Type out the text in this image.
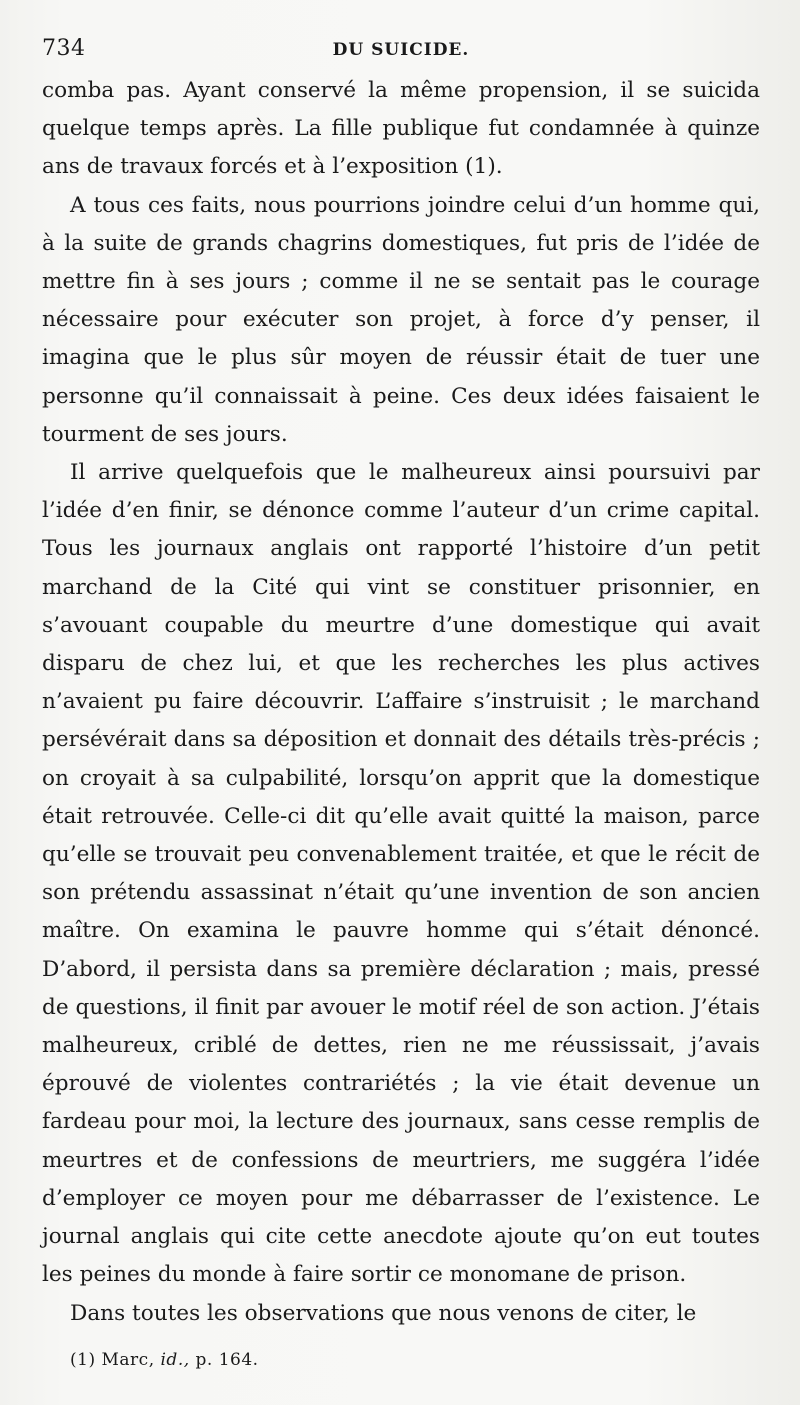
734	DU SUICIDE.

comba pas. Ayant conservé la même propension, il se suicida quelque temps après. La fille publique fut condamnée à quinze ans de travaux forcés et à l’exposition (1).

A tous ces faits, nous pourrions joindre celui d’un homme qui, à la suite de grands chagrins domestiques, fut pris de l’idée de mettre fin à ses jours ; comme il ne se sentait pas le courage nécessaire pour exécuter son projet, à force d’y penser, il imagina que le plus sûr moyen de réussir était de tuer une personne qu’il connaissait à peine. Ces deux idées faisaient le tourment de ses jours.

Il arrive quelquefois que le malheureux ainsi poursuivi par l’idée d’en finir, se dénonce comme l’auteur d’un crime capital. Tous les journaux anglais ont rapporté l’histoire d’un petit marchand de la Cité qui vint se constituer prisonnier, en s’avouant coupable du meurtre d’une domestique qui avait disparu de chez lui, et que les recherches les plus actives n’avaient pu faire découvrir. L’affaire s’instruisit ; le marchand persévérait dans sa déposition et donnait des détails très-précis ; on croyait à sa culpabilité, lorsqu’on apprit que la domestique était retrouvée. Celle-ci dit qu’elle avait quitté la maison, parce qu’elle se trouvait peu convenablement traitée, et que le récit de son prétendu assassinat n’était qu’une invention de son ancien maître. On examina le pauvre homme qui s’était dénoncé. D’abord, il persista dans sa première déclaration ; mais, pressé de questions, il finit par avouer le motif réel de son action. J’étais malheureux, criblé de dettes, rien ne me réussissait, j’avais éprouvé de violentes contrariétés ; la vie était devenue un fardeau pour moi, la lecture des journaux, sans cesse remplis de meurtres et de confessions de meurtriers, me suggéra l’idée d’employer ce moyen pour me débarrasser de l’existence. Le journal anglais qui cite cette anecdote ajoute qu’on eut toutes les peines du monde à faire sortir ce monomane de prison.

Dans toutes les observations que nous venons de citer, le

(1) Marc, id., p. 164.
